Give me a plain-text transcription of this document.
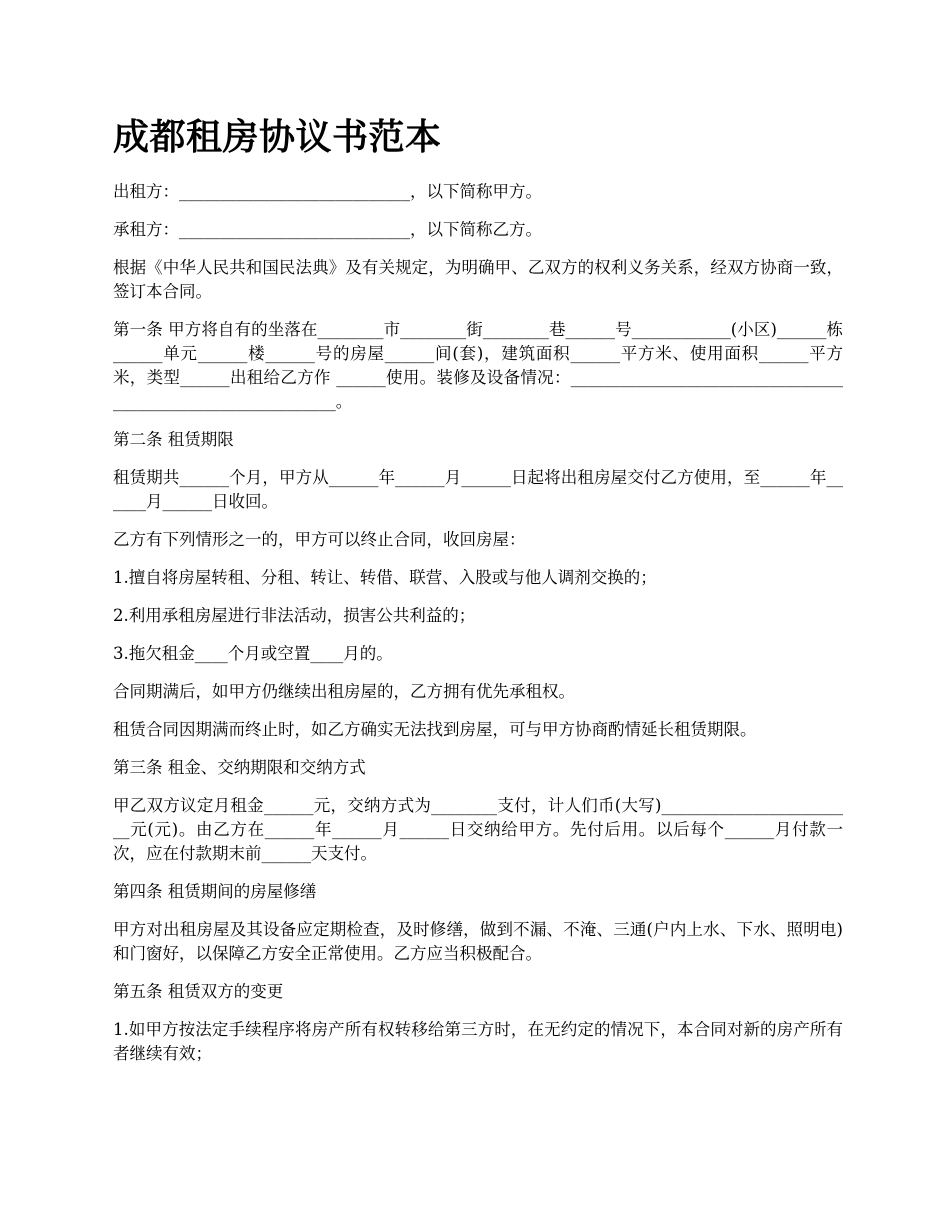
成都租房协议书范本

出租方：____________________________，以下简称甲方。

承租方：____________________________，以下简称乙方。

根据《中华人民共和国民法典》及有关规定，为明确甲、乙双方的权利义务关系，经双方协商一致，签订本合同。

第一条 甲方将自有的坐落在________市________街________巷______号____________(小区)______栋______单元______楼______号的房屋______间(套)，建筑面积______平方米、使用面积______平方米，类型______出租给乙方作 ______使用。装修及设备情况：____________________________________________________________。

第二条 租赁期限

租赁期共______个月，甲方从______年______月______日起将出租房屋交付乙方使用，至______年______月______日收回。

乙方有下列情形之一的，甲方可以终止合同，收回房屋：

1.擅自将房屋转租、分租、转让、转借、联营、入股或与他人调剂交换的；

2.利用承租房屋进行非法活动，损害公共利益的；

3.拖欠租金____个月或空置____月的。

合同期满后，如甲方仍继续出租房屋的，乙方拥有优先承租权。

租赁合同因期满而终止时，如乙方确实无法找到房屋，可与甲方协商酌情延长租赁期限。

第三条 租金、交纳期限和交纳方式

甲乙双方议定月租金______元，交纳方式为________支付，计人们币(大写)________________________元(元)。由乙方在______年______月______日交纳给甲方。先付后用。以后每个______月付款一次，应在付款期末前______天支付。

第四条 租赁期间的房屋修缮

甲方对出租房屋及其设备应定期检查，及时修缮，做到不漏、不淹、三通(户内上水、下水、照明电)和门窗好，以保障乙方安全正常使用。乙方应当积极配合。

第五条 租赁双方的变更

1.如甲方按法定手续程序将房产所有权转移给第三方时，在无约定的情况下，本合同对新的房产所有者继续有效；
